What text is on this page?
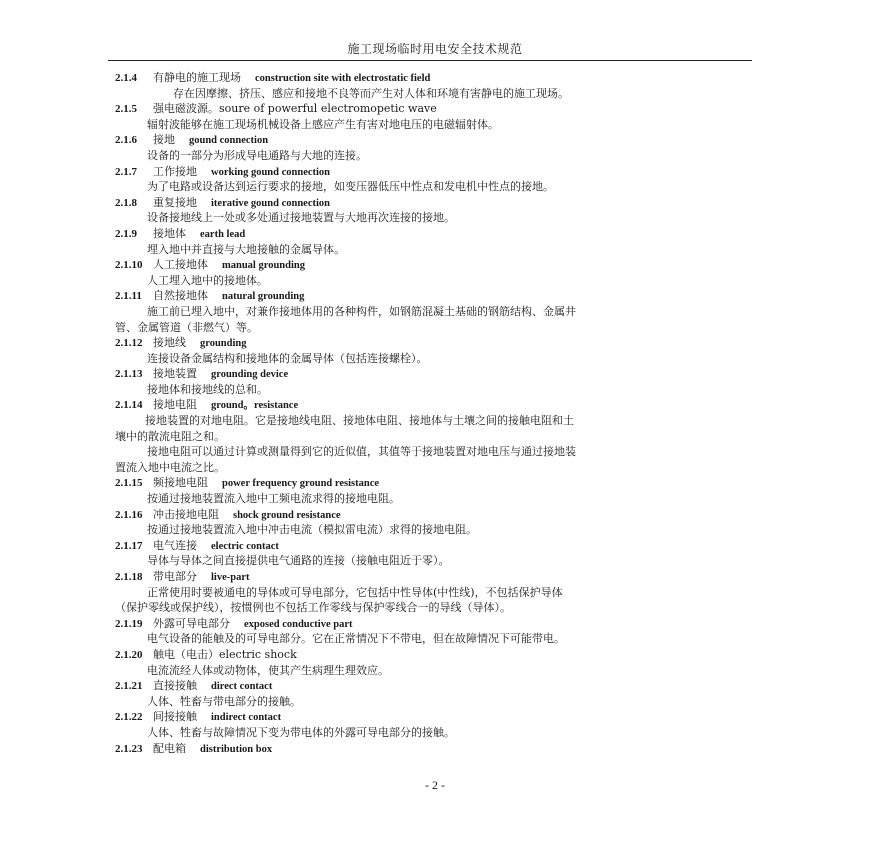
施工现场临时用电安全技术规范
2.1.4 有静电的施工现场 construction site with electrostatic field
存在因摩擦、挤压、感应和接地不良等而产生对人体和环境有害静电的施工现场。
2.1.5 强电磁波源。soure of powerful electromopetic wave
辐射波能够在施工现场机械设备上感应产生有害对地电压的电磁辐射体。
2.1.6 接地 gound connection
设备的一部分为形成导电通路与大地的连接。
2.1.7 工作接地 working gound connection
为了电路或设备达到运行要求的接地，如变压器低压中性点和发电机中性点的接地。
2.1.8 重复接地 iterative gound connection
设备接地线上一处或多处通过接地装置与大地再次连接的接地。
2.1.9 接地体 earth lead
埋入地中并直接与大地接触的金属导体。
2.1.10 人工接地体 manual grounding
人工埋入地中的接地体。
2.1.11 自然接地体 natural grounding
施工前已埋入地中，对兼作接地体用的各种构件，如钢筋混凝土基础的钢筋结构、金属井
管、金属管道（非燃气）等。
2.1.12 接地线 grounding
连接设备金属结构和接地体的金属导体（包括连接螺栓）。
2.1.13 接地装置 grounding device
接地体和接地线的总和。
2.1.14 接地电阻 ground。resistance
接地装置的对地电阻。它是接地线电阻、接地体电阻、接地体与土壤之间的接触电阻和土
壤中的散流电阻之和。
接地电阻可以通过计算或测量得到它的近似值，其值等于接地装置对地电压与通过接地装
置流入地中电流之比。
2.1.15 频接地电阻 power frequency ground resistance
按通过接地装置流入地中工频电流求得的接地电阻。
2.1.16 冲击接地电阻 shock ground resistance
按通过接地装置流入地中冲击电流（模拟雷电流）求得的接地电阻。
2.1.17 电气连接 electric contact
导体与导体之间直接提供电气通路的连接（接触电阻近于零）。
2.1.18 带电部分 live-part
正常使用时要被通电的导体或可导电部分，它包括中性导体(中性线)，不包括保护导体
（保护零线或保护线），按惯例也不包括工作零线与保护零线合一的导线（导体）。
2.1.19 外露可导电部分 exposed conductive part
电气设备的能触及的可导电部分。它在正常情况下不带电，但在故障情况下可能带电。
2.1.20 触电（电击）electric shock
电流流经人体或动物体，使其产生病理生理效应。
2.1.21 直接接触 direct contact
人体、牲畜与带电部分的接触。
2.1.22 间接接触 indirect contact
人体、牲畜与故障情况下变为带电体的外露可导电部分的接触。
2.1.23 配电箱 distribution box
- 2 -
